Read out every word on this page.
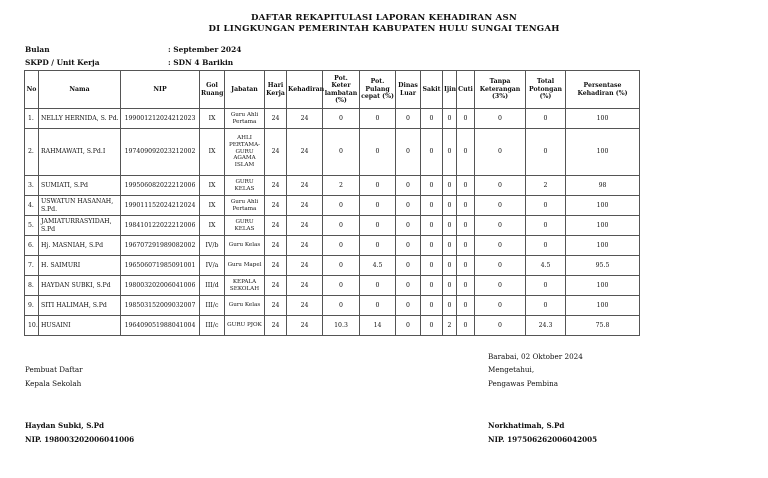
DAFTAR REKAPITULASI LAPORAN KEHADIRAN ASN
DI LINGKUNGAN PEMERINTAH KABUPATEN HULU SUNGAI TENGAH
Bulan	: September 2024
SKPD / Unit Kerja	: SDN 4 Barikin
No	Nama	NIP	Gol Ruang	Jabatan	Hari Kerja	Kehadiran	Pot. Keter lambatan (%)	Pot. Pulang cepat (%)	Dinas Luar	Sakit	Ijin	Cuti	Tanpa Keterangan (3%)	Total Potongan (%)	Persentase Kehadiran (%)
1.	NELLY HERNIDA, S. Pd.	199001212024212023	IX	Guru Ahli Pertama	24	24	0	0	0	0	0	0	0	0	100
2.	RAHMAWATI, S.Pd.I	197409092023212002	IX	AHLI PERTAMA-GURU AGAMA ISLAM	24	24	0	0	0	0	0	0	0	0	100
3.	SUMIATI, S.Pd	199506082022212006	IX	GURU KELAS	24	24	2	0	0	0	0	0	0	2	98
4.	USWATUN HASANAH, S.Pd.	199011152024212024	IX	Guru Ahli Pertama	24	24	0	0	0	0	0	0	0	0	100
5.	JAMIATURRASYIDAH, S.Pd	198410122022212006	IX	GURU KELAS	24	24	0	0	0	0	0	0	0	0	100
6.	Hj. MASNIAH, S.Pd	196707291989082002	IV/b	Guru Kelas	24	24	0	0	0	0	0	0	0	0	100
7.	H. SAIMURI	196506071985091001	IV/a	Guru Mapel	24	24	0	4.5	0	0	0	0	0	4.5	95.5
8.	HAYDAN SUBKI, S.Pd	198003202006041006	III/d	KEPALA SEKOLAH	24	24	0	0	0	0	0	0	0	0	100
9.	SITI HALIMAH, S.Pd	198503152009032007	III/c	Guru Kelas	24	24	0	0	0	0	0	0	0	0	100
10.	HUSAINI	196409051988041004	III/c	GURU PJOK	24	24	10.3	14	0	0	2	0	0	24.3	75.8
Barabai, 02 Oktober 2024
Pembuat Daftar	Mengetahui,
Kepala Sekolah	Pengawas Pembina
Haydan Subki, S.Pd	Norkhatimah, S.Pd
NIP. 198003202006041006	NIP. 197506262006042005
